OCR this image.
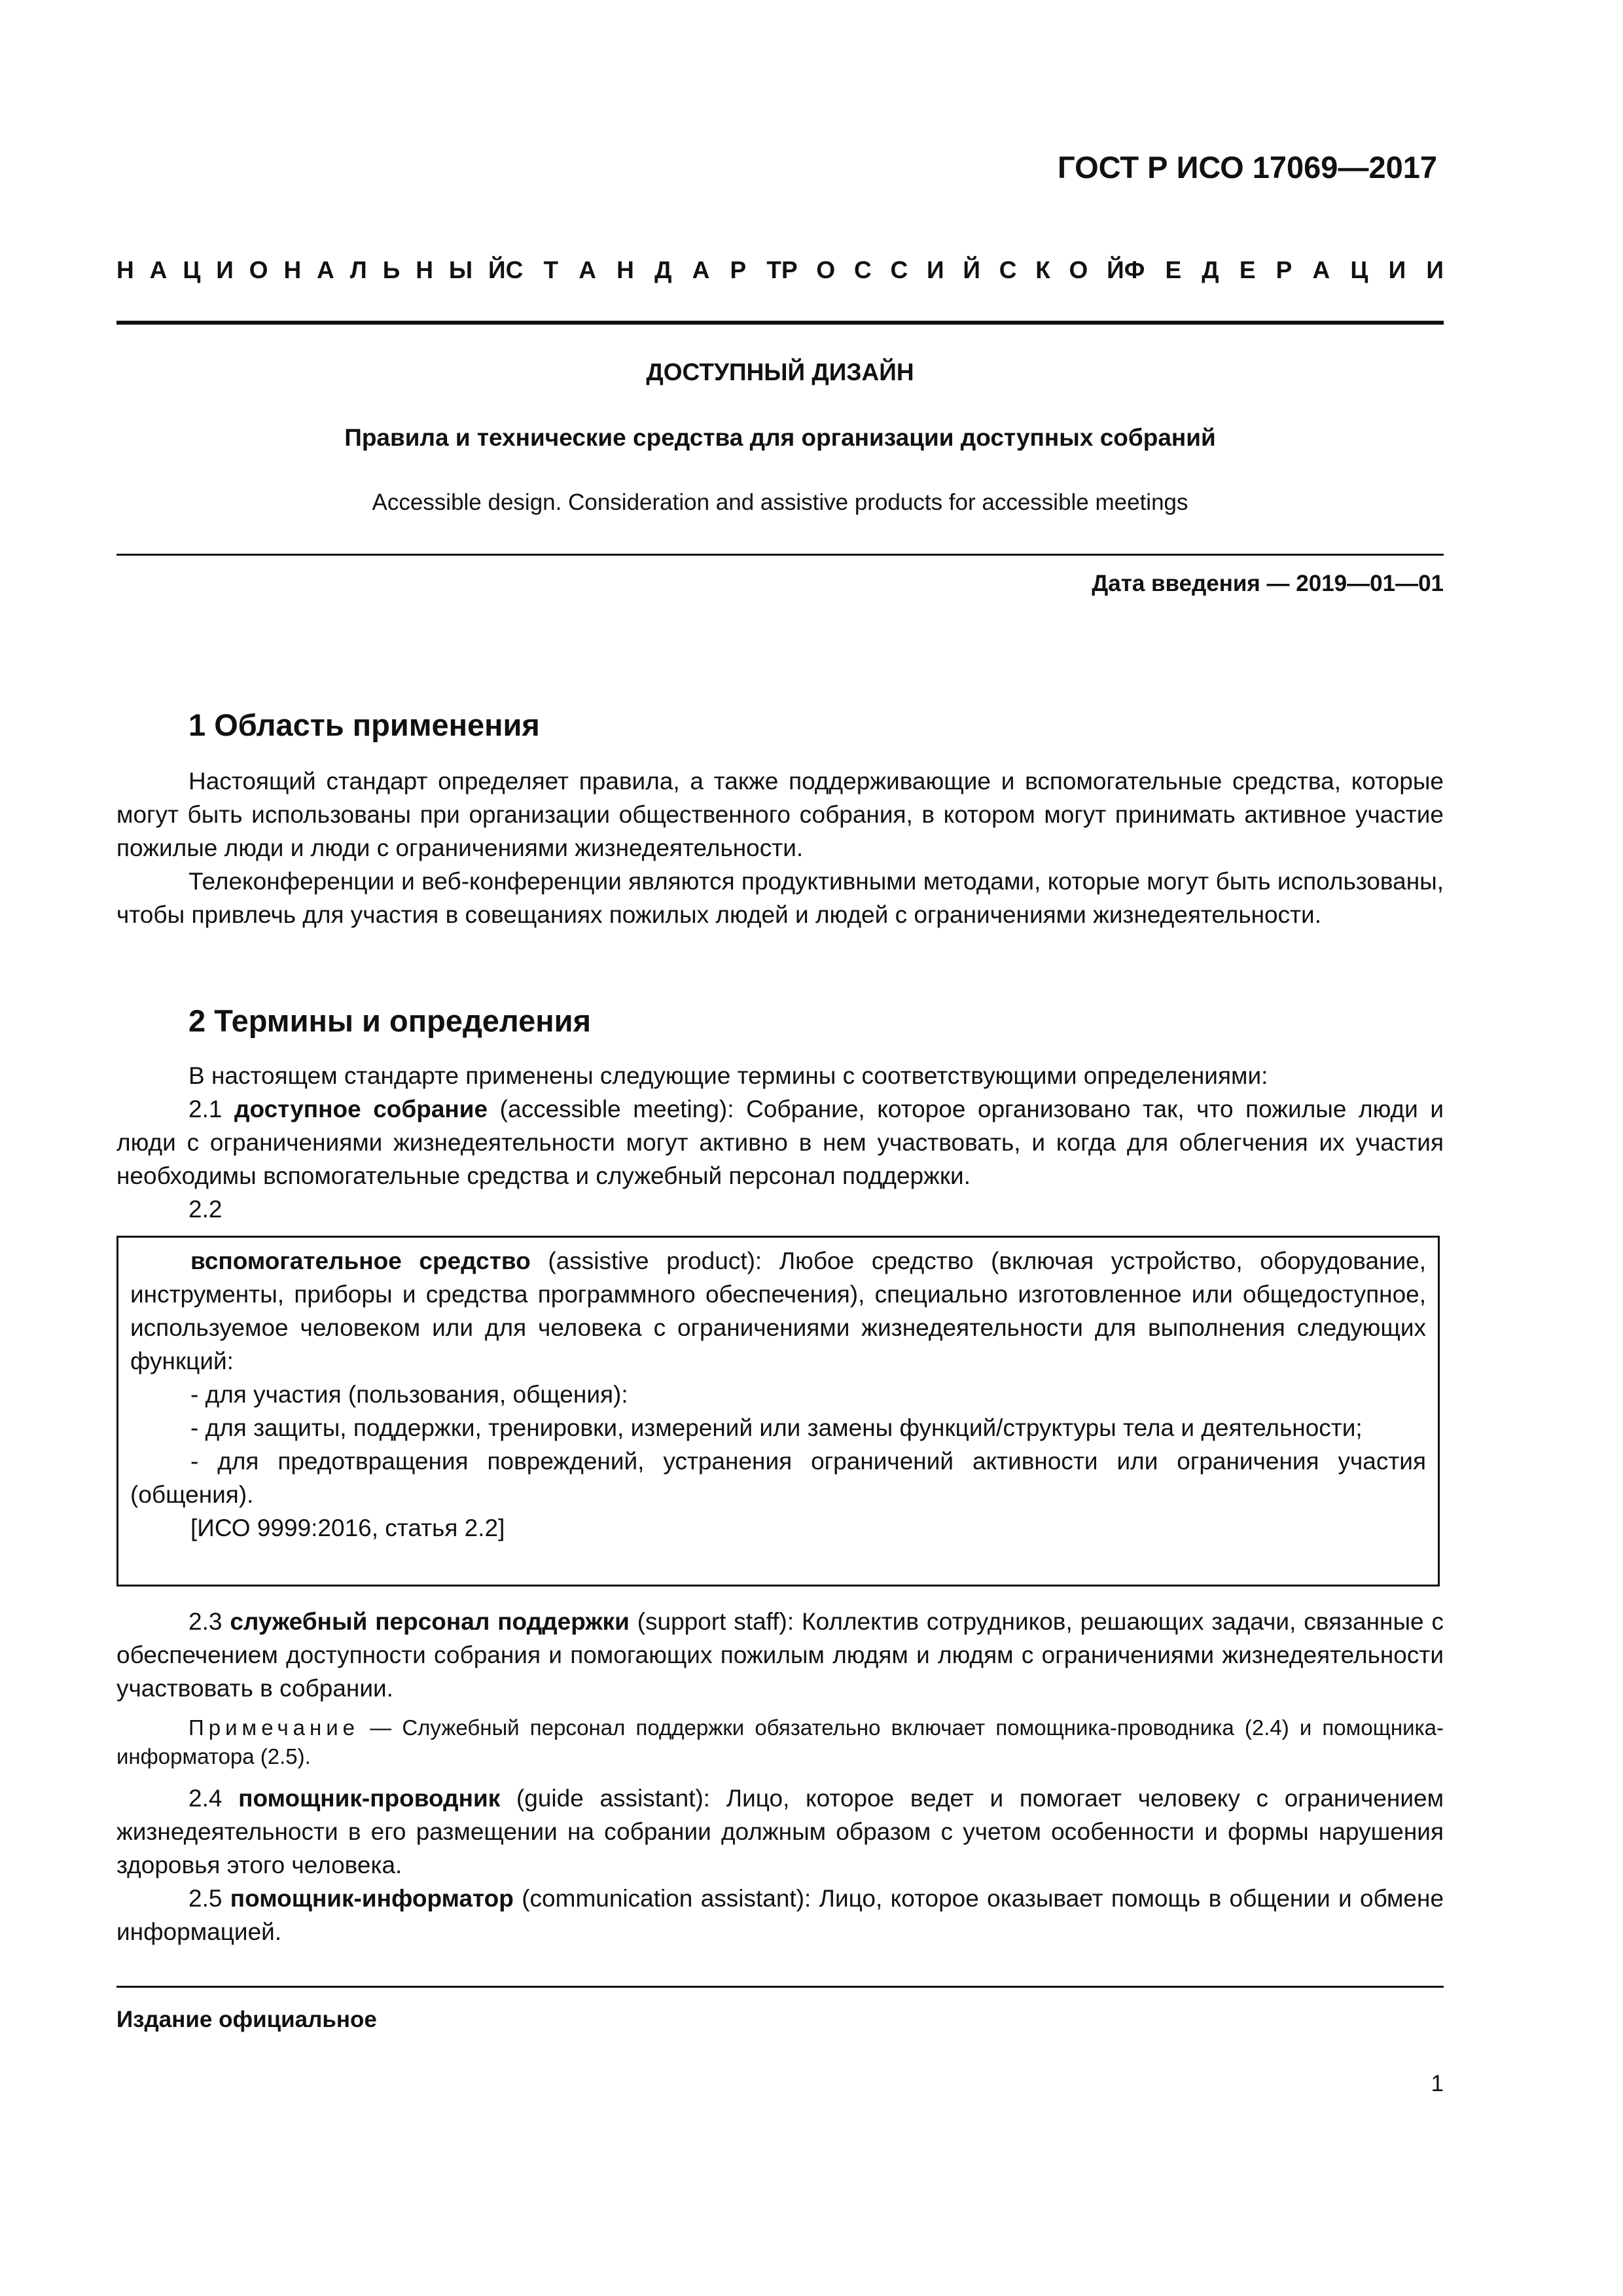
ГОСТ Р ИСО 17069—2017
Н А Ц И О Н А Л Ь Н Ы Й С Т А Н Д А Р Т Р О С С И Й С К О Й Ф Е Д Е Р А Ц И И
ДОСТУПНЫЙ ДИЗАЙН
Правила и технические средства для организации доступных собраний
Accessible design. Consideration and assistive products for accessible meetings
Дата введения — 2019—01—01
1 Область применения

Настоящий стандарт определяет правила, а также поддерживающие и вспомогательные средства, которые могут быть использованы при организации общественного собрания, в котором могут принимать активное участие пожилые люди и люди с ограничениями жизнедеятельности.

Телеконференции и веб-конференции являются продуктивными методами, которые могут быть использованы, чтобы привлечь для участия в совещаниях пожилых людей и людей с ограничениями жизнедеятельности.

2 Термины и определения

В настоящем стандарте применены следующие термины с соответствующими определениями:

2.1 доступное собрание (accessible meeting): Собрание, которое организовано так, что пожилые люди и люди с ограничениями жизнедеятельности могут активно в нем участвовать, и когда для облегчения их участия необходимы вспомогательные средства и служебный персонал поддержки.

2.2

вспомогательное средство (assistive product): Любое средство (включая устройство, оборудование, инструменты, приборы и средства программного обеспечения), специально изготовленное или общедоступное, используемое человеком или для человека с ограничениями жизнедеятельности для выполнения следующих функций:

- для участия (пользования, общения):

- для защиты, поддержки, тренировки, измерений или замены функций/структуры тела и деятельности;

- для предотвращения повреждений, устранения ограничений активности или ограничения участия (общения).

[ИСО 9999:2016, статья 2.2]

2.3 служебный персонал поддержки (support staff): Коллектив сотрудников, решающих задачи, связанные с обеспечением доступности собрания и помогающих пожилым людям и людям с ограничениями жизнедеятельности участвовать в собрании.

Примечание — Служебный персонал поддержки обязательно включает помощника-проводника (2.4) и помощника-информатора (2.5).

2.4 помощник-проводник (guide assistant): Лицо, которое ведет и помогает человеку с ограничением жизнедеятельности в его размещении на собрании должным образом с учетом особенности и формы нарушения здоровья этого человека.

2.5 помощник-информатор (communication assistant): Лицо, которое оказывает помощь в общении и обмене информацией.

Издание официальное
1
